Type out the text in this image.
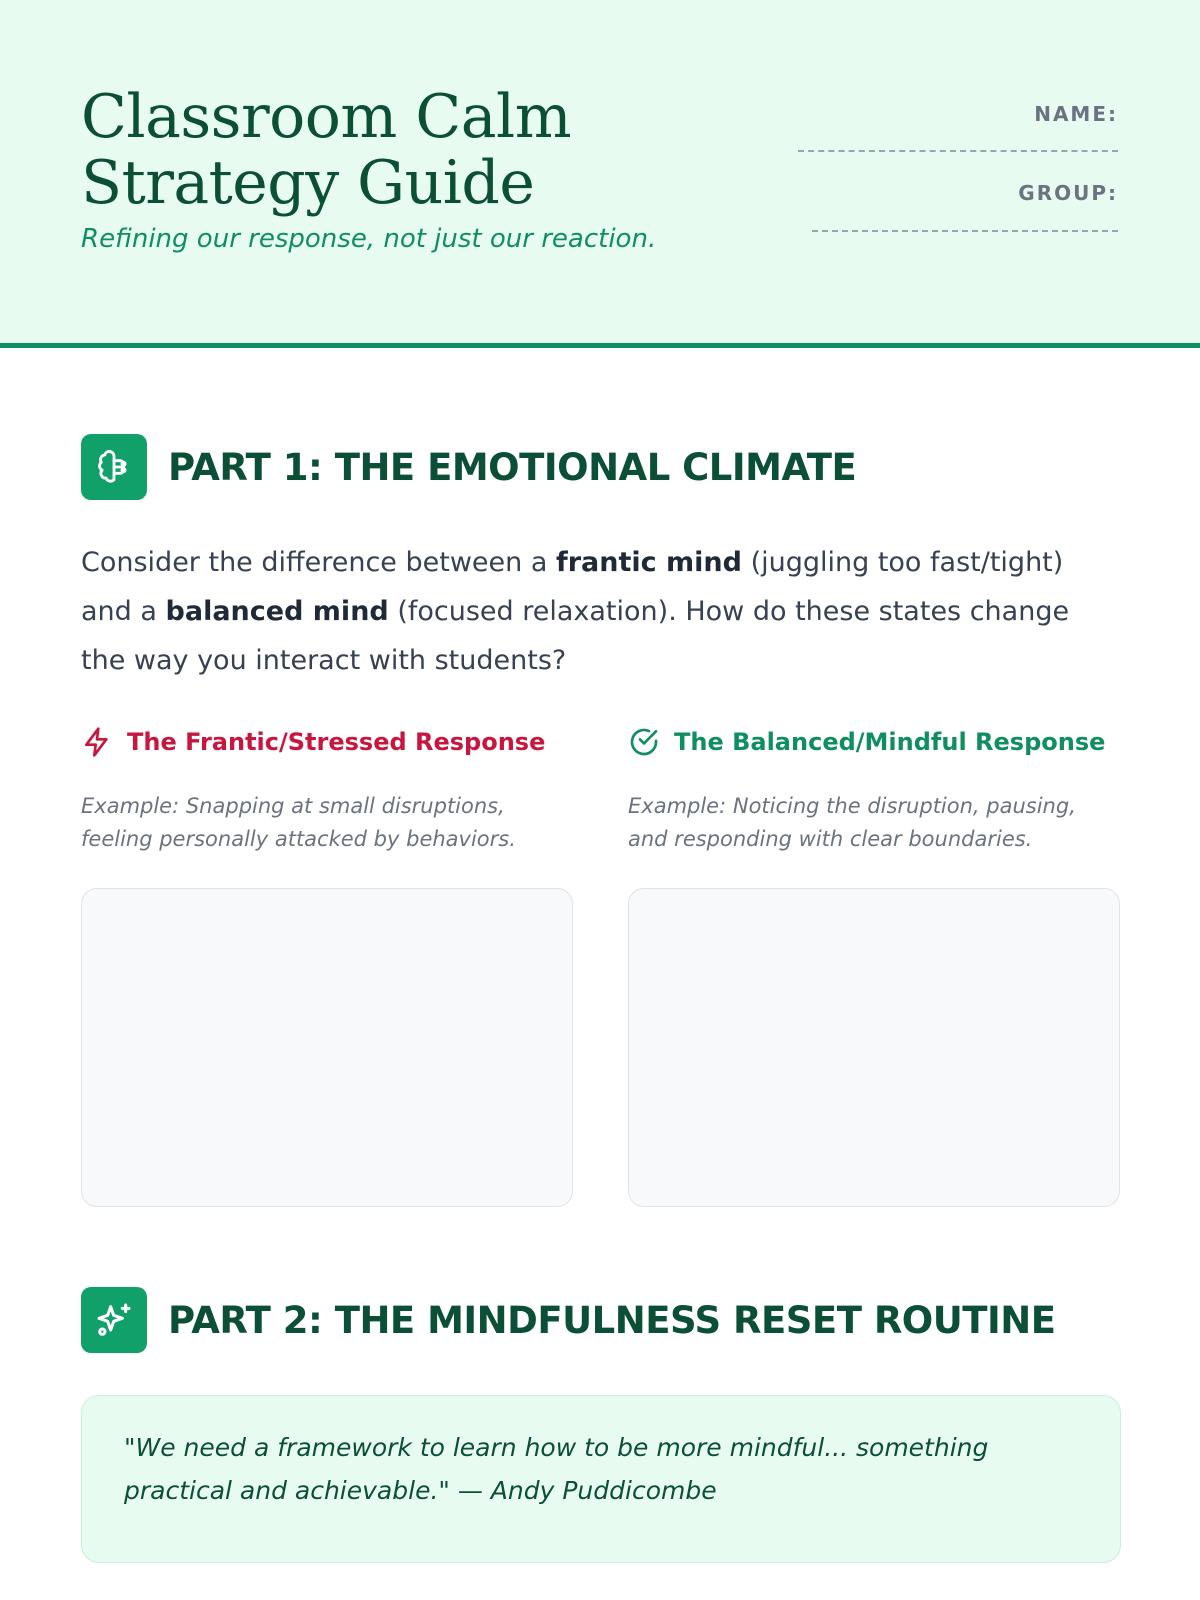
Classroom Calm Strategy Guide

Refining our response, not just our reaction.

NAME:
GROUP:
PART 1: THE EMOTIONAL CLIMATE

Consider the difference between a frantic mind (juggling too fast/tight) and a balanced mind (focused relaxation). How do these states change the way you interact with students?

The Frantic/Stressed Response

Example: Snapping at small disruptions, feeling personally attacked by behaviors.

The Balanced/Mindful Response

Example: Noticing the disruption, pausing, and responding with clear boundaries.

PART 2: THE MINDFULNESS RESET ROUTINE

"We need a framework to learn how to be more mindful... something practical and achievable." — Andy Puddicombe
